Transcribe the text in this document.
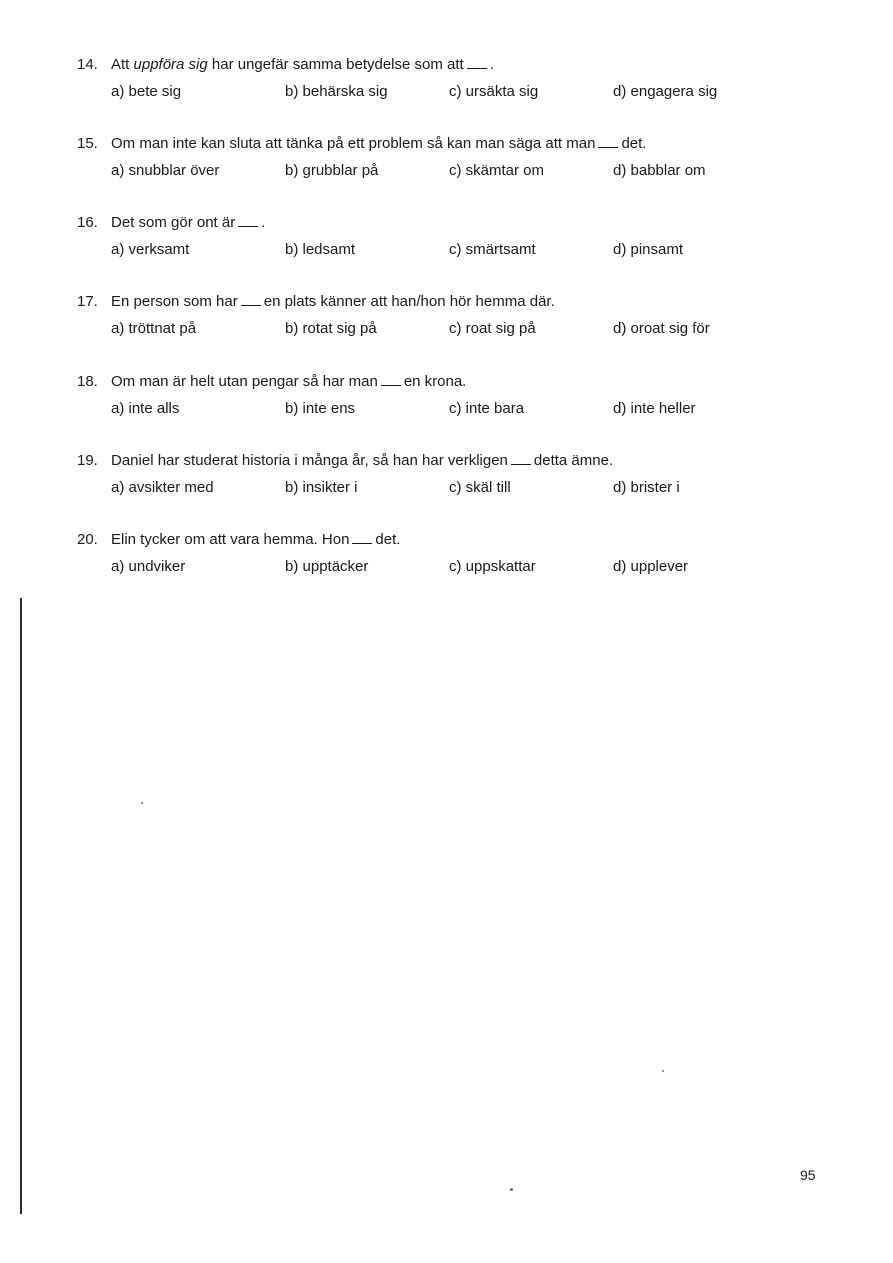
14. Att uppföra sig har ungefär samma betydelse som att .
a) bete sig	b) behärska sig	c) ursäkta sig	d) engagera sig
15. Om man inte kan sluta att tänka på ett problem så kan man säga att man det.
a) snubblar över	b) grubblar på	c) skämtar om	d) babblar om
16. Det som gör ont är .
a) verksamt	b) ledsamt	c) smärtsamt	d) pinsamt
17. En person som har en plats känner att han/hon hör hemma där.
a) tröttnat på	b) rotat sig på	c) roat sig på	d) oroat sig för
18. Om man är helt utan pengar så har man en krona.
a) inte alls	b) inte ens	c) inte bara	d) inte heller
19. Daniel har studerat historia i många år, så han har verkligen detta ämne.
a) avsikter med	b) insikter i	c) skäl till	d) brister i
20. Elin tycker om att vara hemma. Hon det.
a) undviker	b) upptäcker	c) uppskattar	d) upplever
95
